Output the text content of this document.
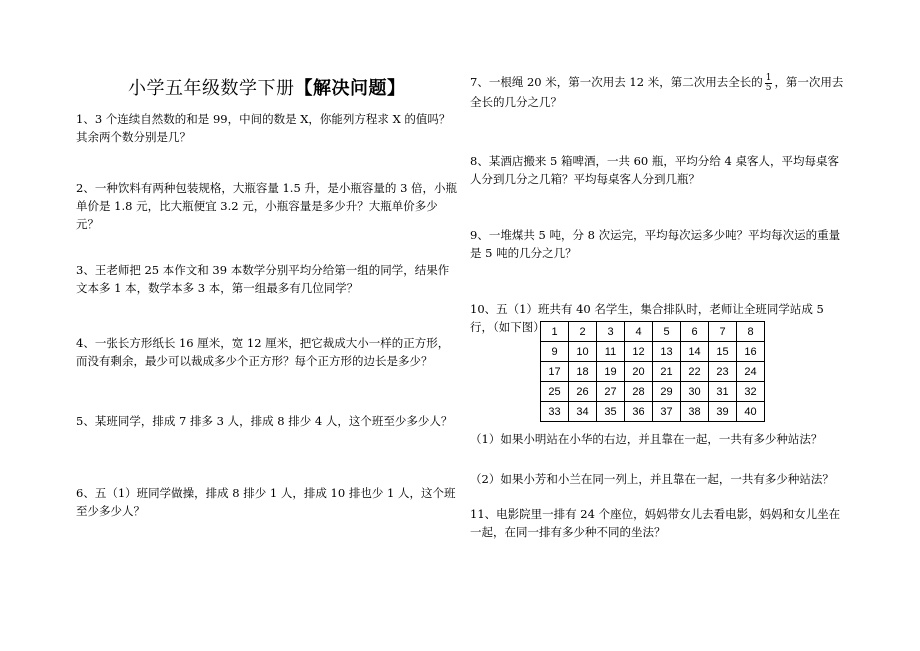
小学五年级数学下册【解决问题】
1、3 个连续自然数的和是 99，中间的数是 X，你能列方程求 X 的值吗？其余两个数分别是几？
2、一种饮料有两种包装规格，大瓶容量 1.5 升，是小瓶容量的 3 倍，小瓶单价是 1.8 元，比大瓶便宜 3.2 元，小瓶容量是多少升？大瓶单价多少元？
3、王老师把 25 本作文和 39 本数学分别平均分给第一组的同学，结果作文本多 1 本，数学本多 3 本，第一组最多有几位同学？
4、一张长方形纸长 16 厘米，宽 12 厘米，把它裁成大小一样的正方形，而没有剩余，最少可以裁成多少个正方形？每个正方形的边长是多少？
5、某班同学，排成 7 排多 3 人，排成 8 排少 4 人，这个班至少多少人？
6、五（1）班同学做操，排成 8 排少 1 人，排成 10 排也少 1 人，这个班至少多少人？
7、一根绳 20 米，第一次用去 12 米，第二次用去全长的 $\frac{1}{5}$ ，第一次用去全长的几分之几？
8、某酒店搬来 5 箱啤酒，一共 60 瓶，平均分给 4 桌客人，平均每桌客人分到几分之几箱？平均每桌客人分到几瓶？
9、一堆煤共 5 吨，分 8 次运完，平均每次运多少吨？平均每次运的重量是 5 吨的几分之几？
10、五（1）班共有 40 名学生，集合排队时，老师让全班同学站成 5 行，（如下图） 1	2	3	4	5	6	7	8
9	10	11	12	13	14	15	16
17	18	19	20	21	22	23	24
25	26	27	28	29	30	31	32
33	34	35	36	37	38	39	40
（1）如果小明站在小华的右边，并且靠在一起，一共有多少种站法？
（2）如果小芳和小兰在同一列上，并且靠在一起，一共有多少种站法？
11、电影院里一排有 24 个座位，妈妈带女儿去看电影，妈妈和女儿坐在一起，在同一排有多少种不同的坐法？
